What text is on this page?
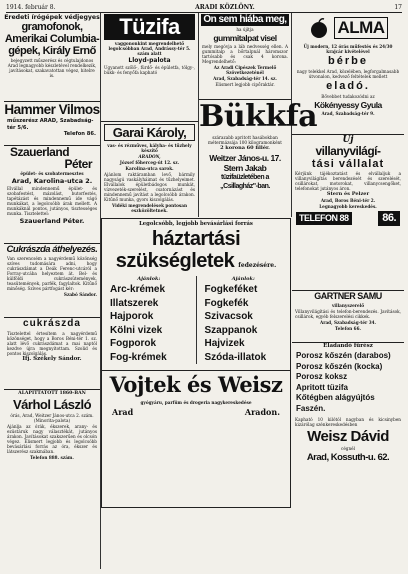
1914. február 8.	ARADI KÖZLÖNY.	17
Eredeti írógépek védjegyes
gramofonok,
Amerikai Columbia-
gépek, Király Ernő
bejegyzett műszerész és cégtulajdonos Arad legnagyobb készletével rendelkezik, javításokat, szakavatottan végez, hitelre is.
Hammer Vilmos
műszerész ARAD, Szabadság-tér 5/6.
Telefon 86.
Szauerland
Péter
épület- és szobatermesztes
Arad, Karolina-utca 2.
Elvállal mindennemű épület- és szobafestést, mázolást, butorfestés, tapétázást és mindennemű ide vágó munkákat, a legolcsóbb árak mellett. A munkáknál pontos, jutányos, tisztességes munka. Tisztelettel:
Szauerland Péter.
Cukrászda áthelyezés.
Van szerencsém a nagyérdemű közönség szíves tudomására adni, hogy cukrászdámat a Deák Ferenc-utcáról a Forray-utcába helyeztem át. Bel- és külföldi cukrászsütemények, teasütemények, parfék, fagylaltok. Kitűnő minőség. Szíves pártfogást kér:
Szabó Sándor.
cukrászda
Tisztelettel értesítem a nagyérdemű közönséget, hogy a Boros Béni-tér 1. sz. alatt lévő cukrászdámat a mai naptól kezdve újra megnyitottam. Szolid és pontos kiszolgálás.
Ifj. Székely Sándor.
ALAPITTATOTT 1860-BAN
Várhol László
órás, Arad, Weitzer János-utca 2. szám. (Minorita-palota)
Ajánlja az órák, ékszerek, arany- és ezüstáruk nagy választékát, jutányos árakon. Javításokat szakszerűen és olcsón végez. Elismert legjobb és legolcsóbb bevásárlási forrás az óra, ékszer és látszerész szakmában.
Telefon 888. szám.
Tüzifa
vaggononkint megrendelhető legolcsóbban Arad, Andrássy-tér 5. szám alatt
Lloyd-palota
Ugyanott szőlő-, fürdő- és épületfa, tölgy-, bükk- és fenyőfa kapható
Garai Károly,
vas- és rézműves, kályha- és tűzhely készítő
ARADON,
József főherceg-út 12. sz.
Karolina-utca sarok.
Ajánlom raktáramban levő, bármily nagyságú vaskályháimat és tűzhelyeimet. Elvállalok épületbádogos munkát, vízvezeték-szerelést, csatornázást és mindennemű javítást a legolcsóbb árakon. Kitűnő munka, gyors kiszolgálás.
Vidéki megrendelések pontosan eszközöltetnek.
Ön sem hiába meg,
ha újítja
gummitalpat visel
mely megóvja a láb nedvesség ellen. A gummitalp a bőrtalpnál háromszor tartósabb és csak 4 korona. Megrendelhető:
Az Aradi Cipészek Termelő Szövetkezeténél
Arad, Szabadság-tér 14. sz.
Elismert legjobb cipőraktár.
Bükkfa
szárazabb apritott hasábokban métermázsája 100 kilogramonként
2 korona 60 fillér.
Weitzer János-u. 17.
Stern Jakab
tüzifaüzletében a
„Csillagház"-ban.
ALMA
Üj modern, 12 órás műfestés és 24/30 krajcár kivételével
bérbe
nagy telekkel Arad, közelében, legforgalmasabb útvonalon, kedvező feltételek mellett
eladó.
Bővebbet tudakozódni az
Kökényessy Gyula
Arad, Szabadság-tér 9.
Uj
villanyvilágí-
tási vállalat
Kérjünk tájékoztatást és elvállaljuk a villanyvilágítás berendezését és szerelését, csillárokat, motorokat, villanycsengőket, telefonokat jutányos áron.
Stern és Pelzer
Arad, Boros Béni-tér 2.
Legnagyobb kereskedés.
TELEFON 88	86.
GARTNER SAMU
villanyszerelő
Villanyvilágítási és telefon-berendezés. Javítások, csillárok, egyéb felszerelési cikkek.
Arad, Szabadság-tér 34.
Telefon 66.
Eladandó fűrész
Porosz kőszén (darabos)
Porosz kőszén (kocka)
Porosz koksz
Apritott tüzifa
Kőtégben alágyújtós
Faszén.
Kapható 10 kilótól nagyban és kicsinyben kizárólag szénkereskedésben
Weisz Dávid
cégnél
Arad, Kossuth-u. 62.
Legolcsóbb, legjobb bevásárlási forrás
háztartási
szükségletek fedezésére.
Ajánlok:
Arc-krémek
Illatszerek
Hajporok
Kölni vizek
Fogporok
Fog-krémek
Ajánlok:
Fogkeféket
Fogkefék
Szivacsok
Szappanok
Hajvizek
Szóda-illatok
Vojtek és Weisz
gyógyáru, parfüm és drogeria nagykereskedése
Arad	Aradon.
